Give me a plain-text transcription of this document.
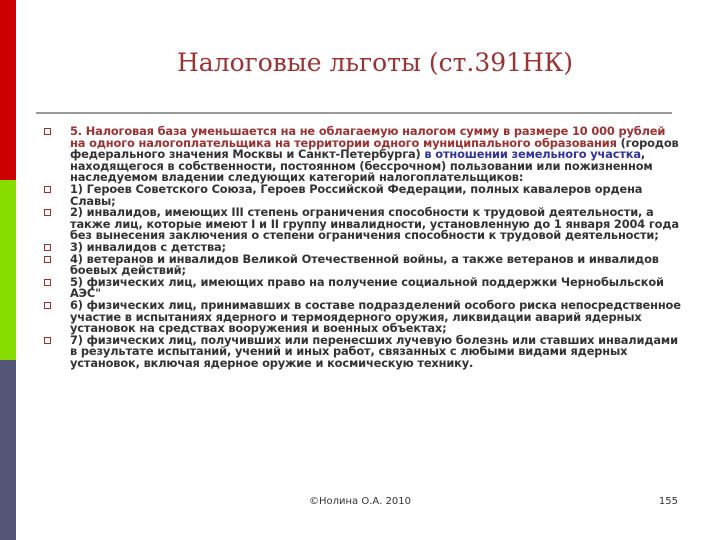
Налоговые льготы (ст.391НК)
5. Налоговая база уменьшается на не облагаемую налогом сумму в размере 10 000 рублей на одного налогоплательщика на территории одного муниципального образования (городов федерального значения Москвы и Санкт-Петербурга) в отношении земельного участка, находящегося в собственности, постоянном (бессрочном) пользовании или пожизненном наследуемом владении следующих категорий налогоплательщиков:
1) Героев Советского Союза, Героев Российской Федерации, полных кавалеров ордена Славы;
2) инвалидов, имеющих III степень ограничения способности к трудовой деятельности, а также лиц, которые имеют I и II группу инвалидности, установленную до 1 января 2004 года без вынесения заключения о степени ограничения способности к трудовой деятельности;
3) инвалидов с детства;
4) ветеранов и инвалидов Великой Отечественной войны, а также ветеранов и инвалидов боевых действий;
5) физических лиц, имеющих право на получение социальной поддержки Чернобыльской АЭС"
6) физических лиц, принимавших в составе подразделений особого риска непосредственное участие в испытаниях ядерного и термоядерного оружия, ликвидации аварий ядерных установок на средствах вооружения и военных объектах;
7) физических лиц, получивших или перенесших лучевую болезнь или ставших инвалидами в результате испытаний, учений и иных работ, связанных с любыми видами ядерных установок, включая ядерное оружие и космическую технику.
©Нолина О.А. 2010	155
